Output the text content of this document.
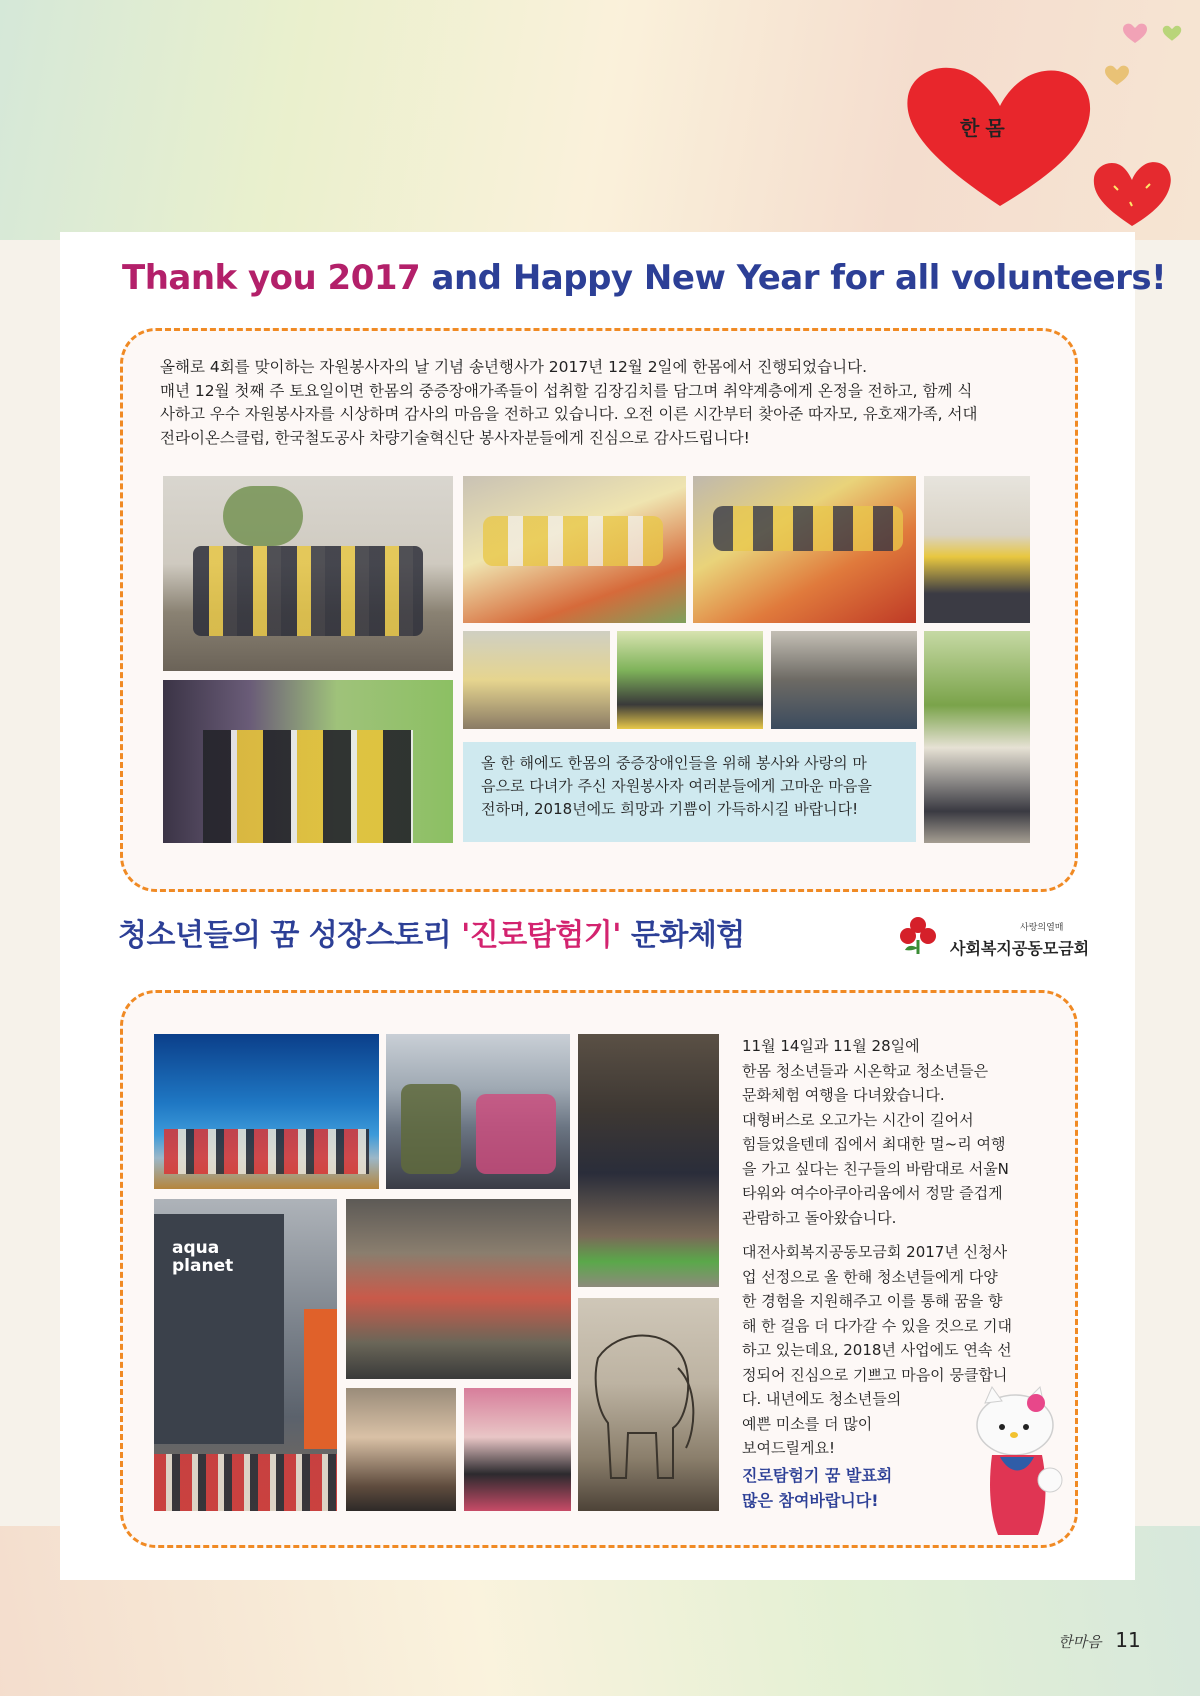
한몸
Thank you 2017 and Happy New Year for all volunteers!
올해로 4회를 맞이하는 자원봉사자의 날 기념 송년행사가 2017년 12월 2일에 한몸에서 진행되었습니다.
매년 12월 첫째 주 토요일이면 한몸의 중증장애가족들이 섭취할 김장김치를 담그며 취약계층에게 온정을 전하고, 함께 식
사하고 우수 자원봉사자를 시상하며 감사의 마음을 전하고 있습니다. 오전 이른 시간부터 찾아준 따자모, 유호재가족, 서대
전라이온스클럽, 한국철도공사 차량기술혁신단 봉사자분들에게 진심으로 감사드립니다!
올 한 해에도 한몸의 중증장애인들을 위해 봉사와 사랑의 마
음으로 다녀가 주신 자원봉사자 여러분들에게 고마운 마음을
전하며, 2018년에도 희망과 기쁨이 가득하시길 바랍니다!
청소년들의 꿈 성장스토리 '진로탐험기' 문화체험	사랑의열매
사회복지공동모금회
aqua planet

11월 14일과 11월 28일에
한몸 청소년들과 시온학교 청소년들은
문화체험 여행을 다녀왔습니다.
대형버스로 오고가는 시간이 길어서
힘들었을텐데 집에서 최대한 멀~리 여행
을 가고 싶다는 친구들의 바람대로 서울N
타워와 여수아쿠아리움에서 정말 즐겁게
관람하고 돌아왔습니다.

대전사회복지공동모금회 2017년 신청사
업 선정으로 올 한해 청소년들에게 다양
한 경험을 지원해주고 이를 통해 꿈을 향
해 한 걸음 더 다가갈 수 있을 것으로 기대
하고 있는데요, 2018년 사업에도 연속 선
정되어 진심으로 기쁘고 마음이 뭉클합니
다. 내년에도 청소년들의
예쁜 미소를 더 많이
보여드릴게요!

진로탐험기 꿈 발표회
많은 참여바랍니다!
한마음 11
